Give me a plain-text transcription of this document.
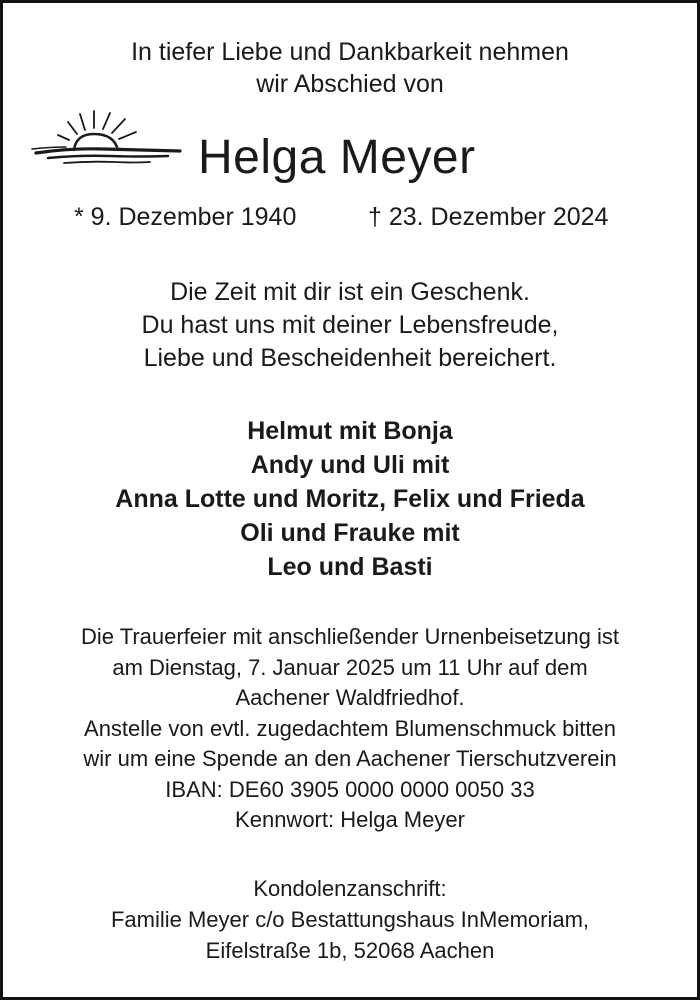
In tiefer Liebe und Dankbarkeit nehmen
wir Abschied von
Helga Meyer
* 9. Dezember 1940	† 23. Dezember 2024
Die Zeit mit dir ist ein Geschenk.
Du hast uns mit deiner Lebensfreude,
Liebe und Bescheidenheit bereichert.
Helmut mit Bonja
Andy und Uli mit
Anna Lotte und Moritz, Felix und Frieda
Oli und Frauke mit
Leo und Basti
Die Trauerfeier mit anschließender Urnenbeisetzung ist
am Dienstag, 7. Januar 2025 um 11 Uhr auf dem
Aachener Waldfriedhof.
Anstelle von evtl. zugedachtem Blumenschmuck bitten
wir um eine Spende an den Aachener Tierschutzverein
IBAN: DE60 3905 0000 0000 0050 33
Kennwort: Helga Meyer
Kondolenzanschrift:
Familie Meyer c/o Bestattungshaus InMemoriam,
Eifelstraße 1b, 52068 Aachen
